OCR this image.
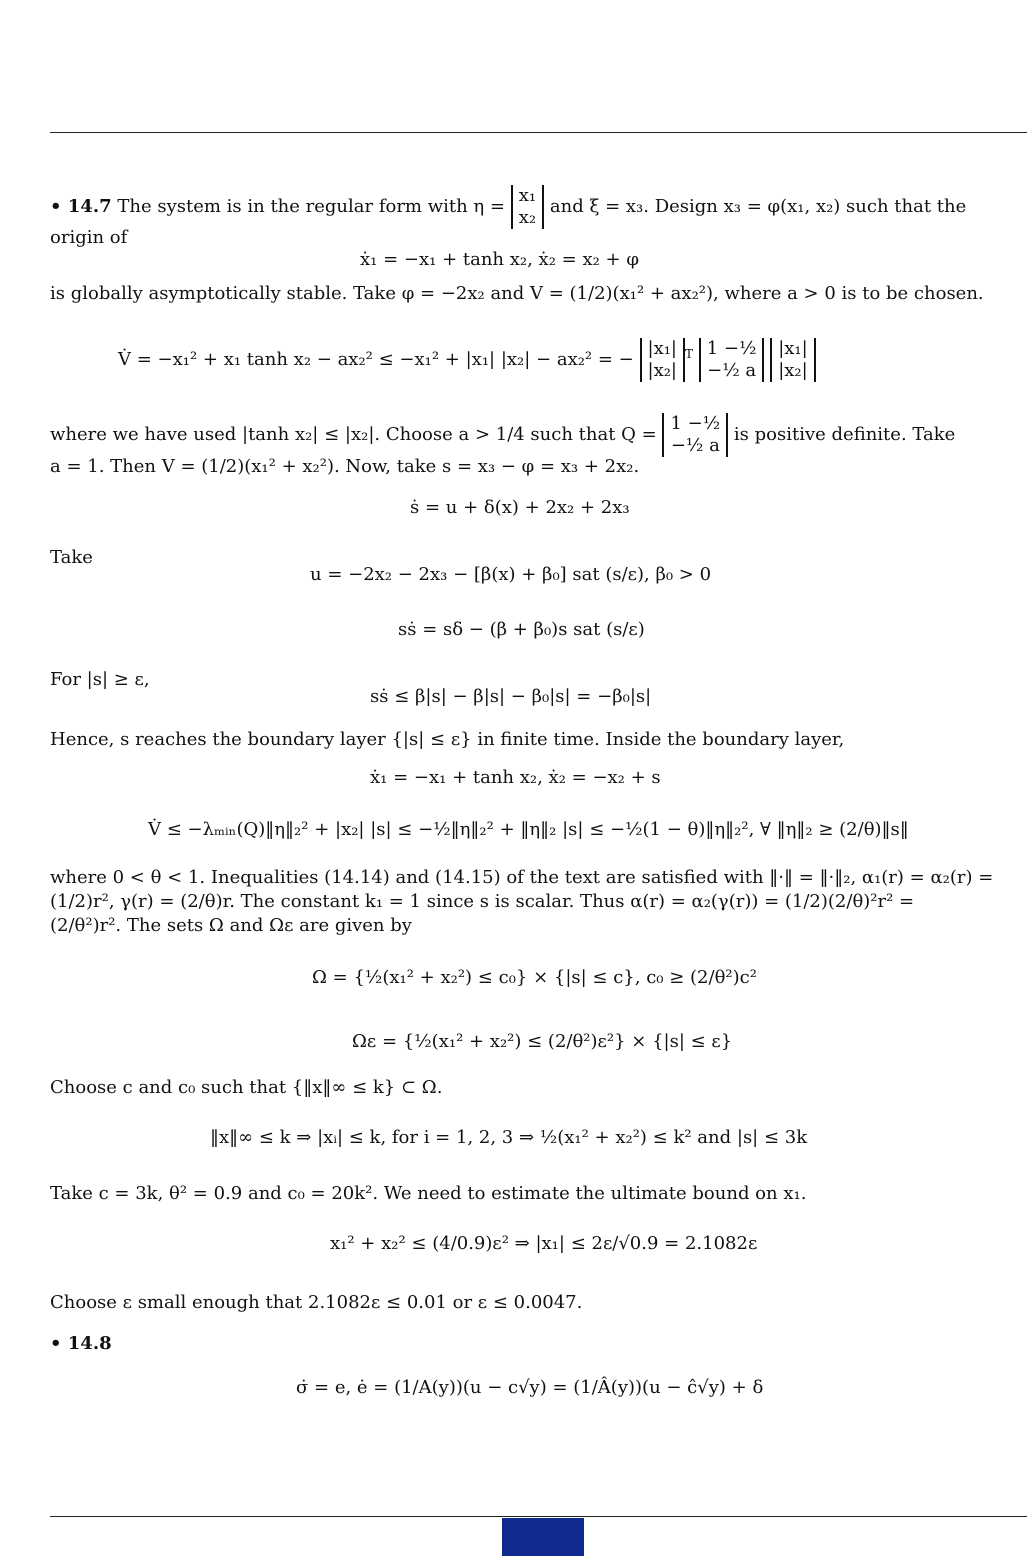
• 14.7 The system is in the regular form with η =
x₁
x₂
and ξ = x₃. Design x₃ = φ(x₁, x₂) such that the
origin of
ẋ₁ = −x₁ + tanh x₂, ẋ₂ = x₂ + φ
is globally asymptotically stable. Take φ = −2x₂ and V = (1/2)(x₁² + ax₂²), where a > 0 is to be chosen.
V̇ = −x₁² + x₁ tanh x₂ − ax₂² ≤ −x₁² + |x₁| |x₂| − ax₂² = −
|x₁|
|x₂|
$^T$ 1 −½
−½ a

|x₁|
|x₂|
where we have used |tanh x₂| ≤ |x₂|. Choose a > 1/4 such that Q =
1 −½
−½ a
is positive definite. Take
a = 1. Then V = (1/2)(x₁² + x₂²). Now, take s = x₃ − φ = x₃ + 2x₂.
ṡ = u + δ(x) + 2x₂ + 2x₃
Take
u = −2x₂ − 2x₃ − [β(x) + β₀] sat (s/ε), β₀ > 0
sṡ = sδ − (β + β₀)s sat (s/ε)
For |s| ≥ ε,
sṡ ≤ β|s| − β|s| − β₀|s| = −β₀|s|
Hence, s reaches the boundary layer {|s| ≤ ε} in finite time. Inside the boundary layer,
ẋ₁ = −x₁ + tanh x₂, ẋ₂ = −x₂ + s
V̇ ≤ −λₘᵢₙ(Q)‖η‖₂² + |x₂| |s| ≤ −½‖η‖₂² + ‖η‖₂ |s| ≤ −½(1 − θ)‖η‖₂², ∀ ‖η‖₂ ≥ (2/θ)‖s‖
where 0 < θ < 1. Inequalities (14.14) and (14.15) of the text are satisfied with ‖·‖ = ‖·‖₂, α₁(r) = α₂(r) =
(1/2)r², γ(r) = (2/θ)r. The constant k₁ = 1 since s is scalar. Thus α(r) = α₂(γ(r)) = (1/2)(2/θ)²r² =
(2/θ²)r². The sets Ω and Ωε are given by
Ω = {½(x₁² + x₂²) ≤ c₀} × {|s| ≤ c}, c₀ ≥ (2/θ²)c²
Ωε = {½(x₁² + x₂²) ≤ (2/θ²)ε²} × {|s| ≤ ε}
Choose c and c₀ such that {‖x‖∞ ≤ k} ⊂ Ω.
‖x‖∞ ≤ k ⇒ |xᵢ| ≤ k, for i = 1, 2, 3 ⇒ ½(x₁² + x₂²) ≤ k² and |s| ≤ 3k
Take c = 3k, θ² = 0.9 and c₀ = 20k². We need to estimate the ultimate bound on x₁.
x₁² + x₂² ≤ (4/0.9)ε² ⇒ |x₁| ≤ 2ε/√0.9 = 2.1082ε
Choose ε small enough that 2.1082ε ≤ 0.01 or ε ≤ 0.0047.
• 14.8
σ̇ = e, ė = (1/A(y))(u − c√y) = (1/Â(y))(u − ĉ√y) + δ
